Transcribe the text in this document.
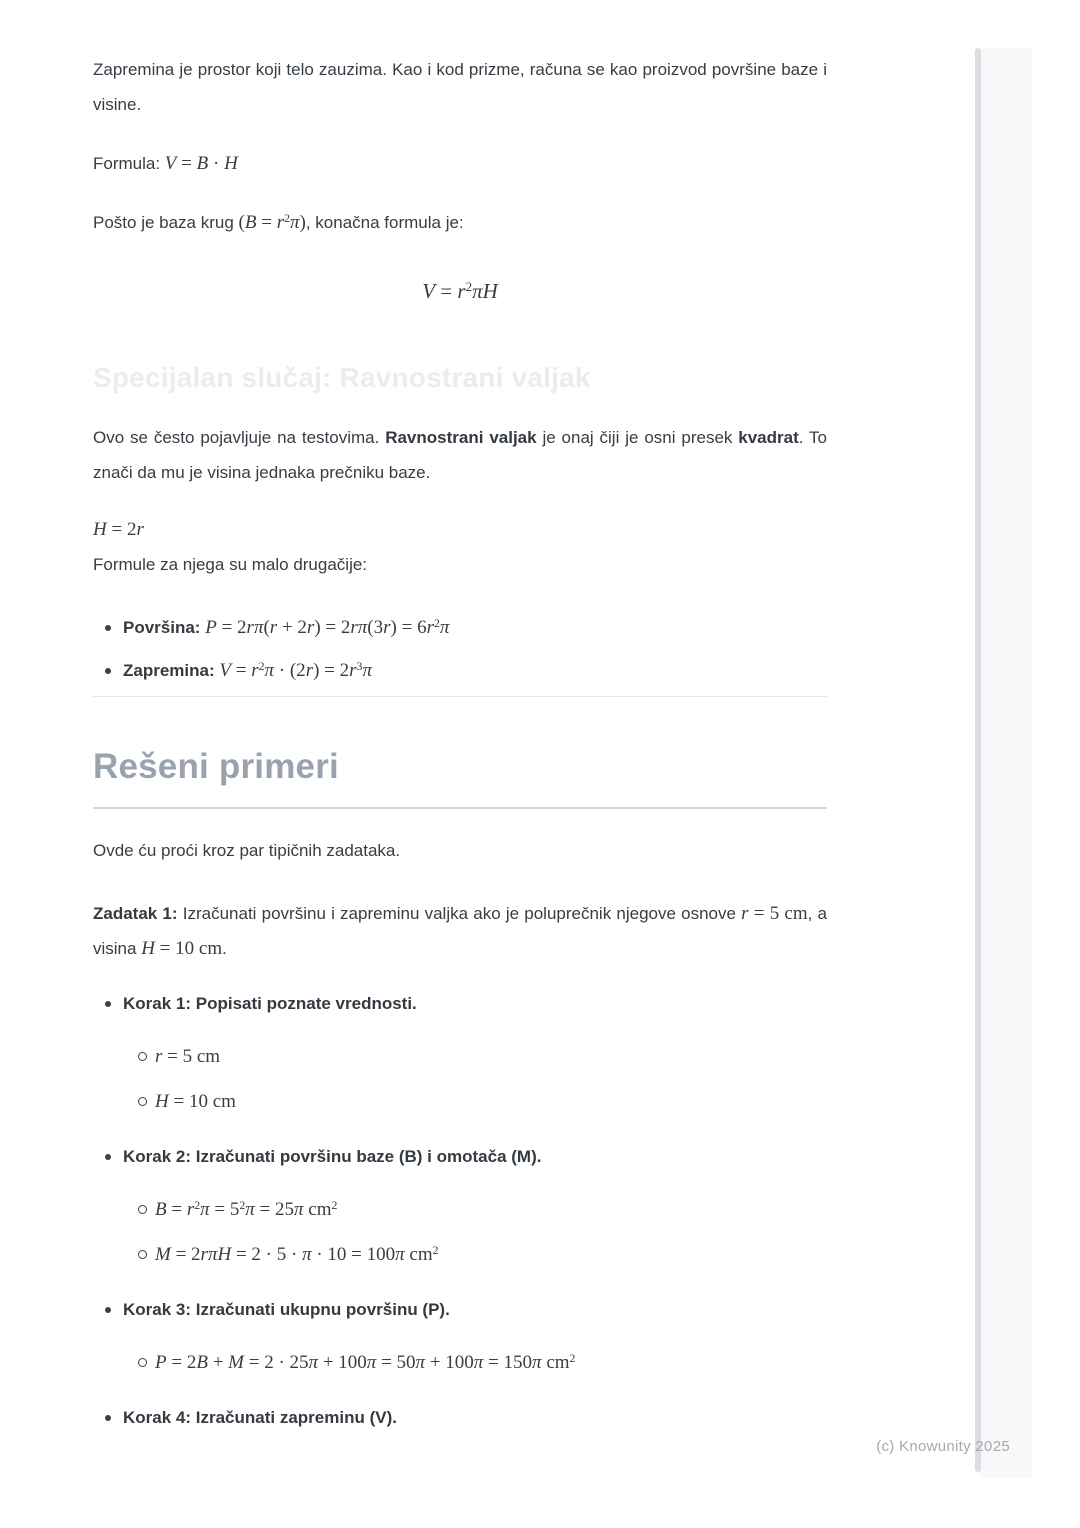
Zapremina je prostor koji telo zauzima. Kao i kod prizme, računa se kao proizvod površine baze i visine.

Formula: V = B · H

Pošto je baza krug $(B = r^2\pi)$, konačna formula je:

$V = r^2\pi H$

Specijalan slučaj: Ravnostrani valjak

Ovo se često pojavljuje na testovima. Ravnostrani valjak je onaj čiji je osni presek kvadrat. To znači da mu je visina jednaka prečniku baze.

H = 2r

Formule za njega su malo drugačije:

Površina: $P = 2r\pi(r + 2r) = 2r\pi(3r) = 6r^2\pi$
Zapremina: $V = r^2\pi \cdot (2r) = 2r^3\pi$
Rešeni primeri

Ovde ću proći kroz par tipičnih zadataka.

Zadatak 1: Izračunati površinu i zapreminu valjka ako je poluprečnik njegove osnove r = 5 cm, a visina H = 10 cm.

Korak 1: Popisati poznate vrednosti.
r = 5 cm
H = 10 cm
Korak 2: Izračunati površinu baze (B) i omotača (M).
$B = r^2\pi = 5^2\pi = 25\pi$ $cm^2$
M = 2rπH = 2 · 5 · π · 10 = 100π $cm^2$
Korak 3: Izračunati ukupnu površinu (P).
P = 2B + M = 2 · 25π + 100π = 50π + 100π = 150π $cm^2$
Korak 4: Izračunati zapreminu (V).
(c) Knowunity 2025
